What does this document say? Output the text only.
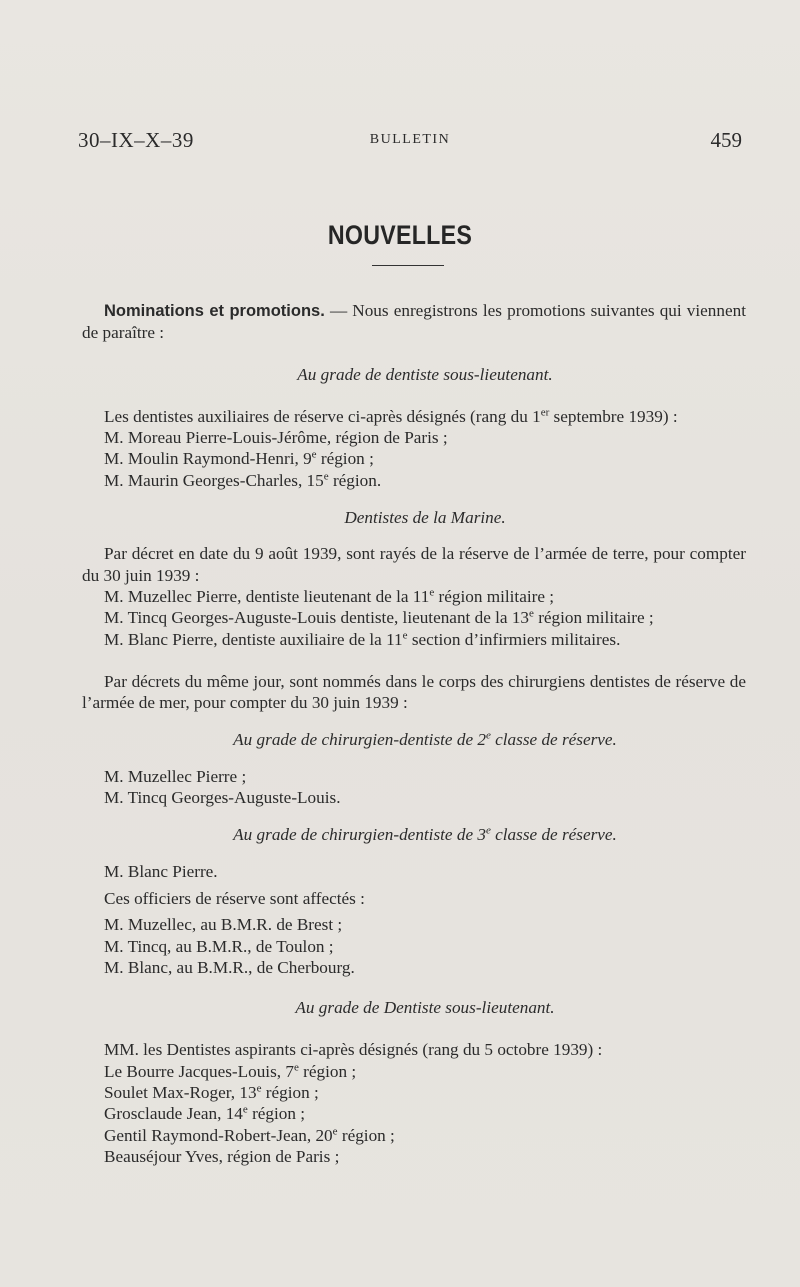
30–IX–X–39	BULLETIN	459
NOUVELLES

Nominations et promotions. — Nous enregistrons les promotions suivantes qui viennent de paraître :

Au grade de dentiste sous-lieutenant.

Les dentistes auxiliaires de réserve ci-après désignés (rang du 1er septembre 1939) :

M. Moreau Pierre-Louis-Jérôme, région de Paris ;

M. Moulin Raymond-Henri, 9e région ;

M. Maurin Georges-Charles, 15e région.

Dentistes de la Marine.

Par décret en date du 9 août 1939, sont rayés de la réserve de l’armée de terre, pour compter du 30 juin 1939 :

M. Muzellec Pierre, dentiste lieutenant de la 11e région militaire ;

M. Tincq Georges-Auguste-Louis dentiste, lieutenant de la 13e région militaire ;

M. Blanc Pierre, dentiste auxiliaire de la 11e section d’infirmiers militaires.

Par décrets du même jour, sont nommés dans le corps des chirurgiens dentistes de réserve de l’armée de mer, pour compter du 30 juin 1939 :

Au grade de chirurgien-dentiste de 2e classe de réserve.

M. Muzellec Pierre ;

M. Tincq Georges-Auguste-Louis.

Au grade de chirurgien-dentiste de 3e classe de réserve.

M. Blanc Pierre.

Ces officiers de réserve sont affectés :

M. Muzellec, au B.M.R. de Brest ;

M. Tincq, au B.M.R., de Toulon ;

M. Blanc, au B.M.R., de Cherbourg.

Au grade de Dentiste sous-lieutenant.

MM. les Dentistes aspirants ci-après désignés (rang du 5 octobre 1939) :

Le Bourre Jacques-Louis, 7e région ;

Soulet Max-Roger, 13e région ;

Grosclaude Jean, 14e région ;

Gentil Raymond-Robert-Jean, 20e région ;

Beauséjour Yves, région de Paris ;
